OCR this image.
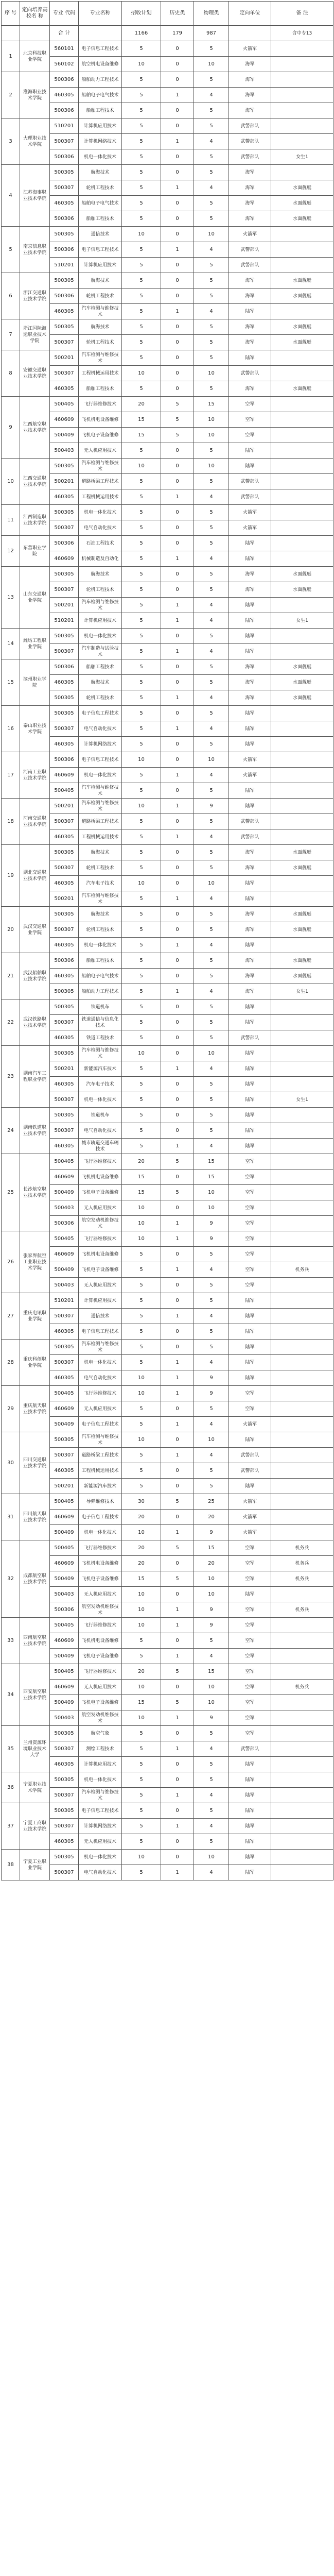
序 号	定向培养高 校名 称	专业 代码	专业名称	招收计划	历史类	物理类	定向单位	备 注
		合 计		1166	179	987		含中专13
1	北京科技职业学院	560101	电子信息工程技术	5	0	5	火箭军	
		560102	航空机电设备维修	10	0	10	海军	
2	淮海职业技术学院	500306	船舶动力工程技术	5	0	5	海军	
		460305	船舶电子电气技术	5	1	4	海军	
		500306	船舶工程技术	5	0	5	海军	
3	大理职业技术学院	510201	计算机应用技术	5	0	5	武警部队	
		500307	计算机网络技术	5	1	4	武警部队	
		500306	机电一体化技术	5	0	5	武警部队	女生1
4	江苏海事职业技术学院	500305	航海技术	5	0	5	海军	
		500307	轮机工程技术	5	1	4	海军	水面舰艇
		460305	船舶电子电气技术	5	0	5	海军	水面舰艇
		500306	船舶工程技术	5	0	5	海军	水面舰艇
5	南京信息职业技术学院	500305	通信技术	10	0	10	火箭军	
		500306	电子信息工程技术	5	1	4	武警部队	
		510201	计算机应用技术	5	0	5	武警部队	
6	浙江交通职业技术学院	500305	航海技术	5	0	5	海军	水面舰艇
		500306	轮机工程技术	5	0	5	海军	水面舰艇
		460305	汽车检测与维修技术	5	1	4	陆军	
7	浙江国际海运职业技术学院	500305	航海技术	5	0	5	海军	水面舰艇
		500307	轮机工程技术	5	0	5	海军	水面舰艇
8	安徽交通职业技术学院	500201	汽车检测与维修技术	5	0	5	陆军	
		500307	工程机械运用技术	10	0	10	武警部队	
		460305	船舶工程技术	5	0	5	海军	水面舰艇
9	江西航空职业技术学院	500405	飞行器维修技术	20	5	15	空军	
		460609	飞机机电设备维修	15	5	10	空军	
		500409	飞机电子设备维修	15	5	10	空军	
		500403	无人机应用技术	5	0	5	陆军	
10	江西交通职业技术学院	500305	汽车检测与维修技术	10	0	10	陆军	
		500201	道路桥梁工程技术	5	0	5	武警部队	
		460305	工程机械运用技术	5	1	4	武警部队	
11	江西制造职业技术学院	500305	机电一体化技术	5	0	5	火箭军	
		500307	电气自动化技术	5	0	5	火箭军	
12	东营职业学院	500306	石油工程技术	5	0	5	陆军	
		460609	机械制造及自动化	5	1	4	陆军	
13	山东交通职业学院	500305	航海技术	5	0	5	海军	水面舰艇
		500307	轮机工程技术	5	0	5	海军	水面舰艇
		500201	汽车检测与维修技术	5	1	4	陆军	
		510201	计算机应用技术	5	1	4	陆军	女生1
14	潍坊工程职业学院	500305	机电一体化技术	5	0	5	陆军	
		500307	汽车制造与试验技术	5	1	4	陆军	
15	滨州职业学院	500306	船舶工程技术	5	0	5	海军	水面舰艇
		460305	航海技术	5	0	5	海军	水面舰艇
		500305	轮机工程技术	5	1	4	海军	水面舰艇
16	泰山职业技术学院	500305	电子信息工程技术	5	0	5	陆军	
		500307	电气自动化技术	5	1	4	陆军	
		460305	计算机网络技术	5	0	5	陆军	
17	河南工业职业技术学院	500306	电子信息工程技术	10	0	10	火箭军	
		460609	机电一体化技术	5	1	4	火箭军	
		500405	汽车检测与维修技术	5	0	5	陆军	
18	河南交通职业技术学院	500201	汽车检测与维修技术	10	1	9	陆军	
		500307	道路桥梁工程技术	5	0	5	武警部队	
		460305	工程机械运用技术	5	1	4	武警部队	
19	湖北交通职业技术学院	500305	航海技术	5	0	5	海军	水面舰艇
		500307	轮机工程技术	5	0	5	海军	水面舰艇
		460305	汽车电子技术	10	0	10	陆军	
		500201	汽车检测与维修技术	5	1	4	陆军	
20	武汉交通职业学院	500305	航海技术	5	0	5	海军	水面舰艇
		500307	轮机工程技术	5	0	5	海军	水面舰艇
		460305	机电一体化技术	5	1	4	陆军	
21	武汉船舶职业技术学院	500306	船舶工程技术	5	0	5	海军	水面舰艇
		460305	船舶电子电气技术	5	0	5	海军	水面舰艇
		500305	船舶动力工程技术	5	1	4	海军	女生1
22	武汉铁路职业技术学院	500305	铁道机车	5	0	5	陆军	
		500307	铁道通信与信息化技术	5	0	5	陆军	
		460305	铁道工程技术	5	0	5	武警部队	
23	湖南汽车工程职业学院	500305	汽车检测与维修技术	10	0	10	陆军	
		500201	新能源汽车技术	5	1	4	陆军	
		460305	汽车电子技术	5	0	5	陆军	
		500307	机电一体化技术	5	0	5	陆军	女生1
24	湖南铁道职业技术学院	500305	铁道机车	5	0	5	陆军	
		500307	电气自动化技术	5	0	5	陆军	
		460305	城市轨道交通车辆技术	5	1	4	陆军	
25	长沙航空职业技术学院	500405	飞行器维修技术	20	5	15	空军	
		460609	飞机机电设备维修	15	0	15	空军	
		500409	飞机电子设备维修	15	5	10	空军	
		500403	无人机应用技术	10	0	10	空军	
		500306	航空发动机维修技术	10	1	9	空军	
26	张家界航空工业职业技术学院	500405	飞行器维修技术	10	1	9	空军	
		460609	飞机机电设备维修	5	0	5	空军	
		500409	飞机电子设备维修	5	1	4	空军	机务兵
		500403	无人机应用技术	5	0	5	空军	
27	重庆电讯职业学院	510201	计算机应用技术	5	0	5	陆军	
		500307	通信技术	5	1	4	陆军	
		460305	电子信息工程技术	5	0	5	陆军	
28	重庆科创职业学院	500305	汽车检测与维修技术	5	0	5	陆军	
		500307	机电一体化技术	5	1	4	陆军	
		460305	电气自动化技术	10	1	9	陆军	
29	重庆航天职业技术学院	500405	飞行器维修技术	10	1	9	空军	
		460609	无人机应用技术	5	0	5	空军	
		500409	电子信息工程技术	5	1	4	火箭军	
30	四川交通职业技术学院	500305	汽车检测与维修技术	10	0	10	陆军	
		500307	道路桥梁工程技术	5	1	4	武警部队	
		460305	工程机械运用技术	5	0	5	武警部队	
		500201	新能源汽车技术	5	0	5	陆军	
31	四川航天职业技术学院	500405	导弹维修技术	30	5	25	火箭军	
		460609	电子信息工程技术	20	0	20	火箭军	
		500409	机电一体化技术	10	1	9	火箭军	
32	成都航空职业技术学院	500405	飞行器维修技术	20	5	15	空军	机务兵
		460609	飞机机电设备维修	20	0	20	空军	机务兵
		500409	飞机电子设备维修	15	5	10	空军	机务兵
		500403	无人机应用技术	10	0	10	陆军	
		500306	航空发动机维修技术	10	1	9	空军	机务兵
33	西南航空职业技术学院	500405	飞行器维修技术	10	1	9	空军	
		460609	飞机机电设备维修	5	0	5	空军	
		500409	飞机电子设备维修	5	1	4	空军	
34	西安航空职业技术学院	500405	飞行器维修技术	20	5	15	空军	
		460609	无人机应用技术	10	0	10	空军	机务兵
		500409	飞机电子设备维修	15	5	10	空军	
		500403	航空发动机维修技术	10	1	9	空军	
35	兰州资源环境职业技术大学	500305	航空气象	5	0	5	空军	
		500307	测绘工程技术	5	1	4	武警部队	
		460305	计算机应用技术	5	0	5	陆军	
36	宁夏职业技术学院	500305	机电一体化技术	5	0	5	陆军	
		500307	汽车检测与维修技术	5	1	4	陆军	
37	宁夏工商职业技术学院	500305	电子信息工程技术	5	0	5	陆军	
		500307	计算机网络技术	5	1	4	陆军	
		460305	无人机应用技术	5	0	5	陆军	
38	宁夏工业职业学院	500305	机电一体化技术	10	0	10	陆军	
		500307	电气自动化技术	5	1	4	陆军	
